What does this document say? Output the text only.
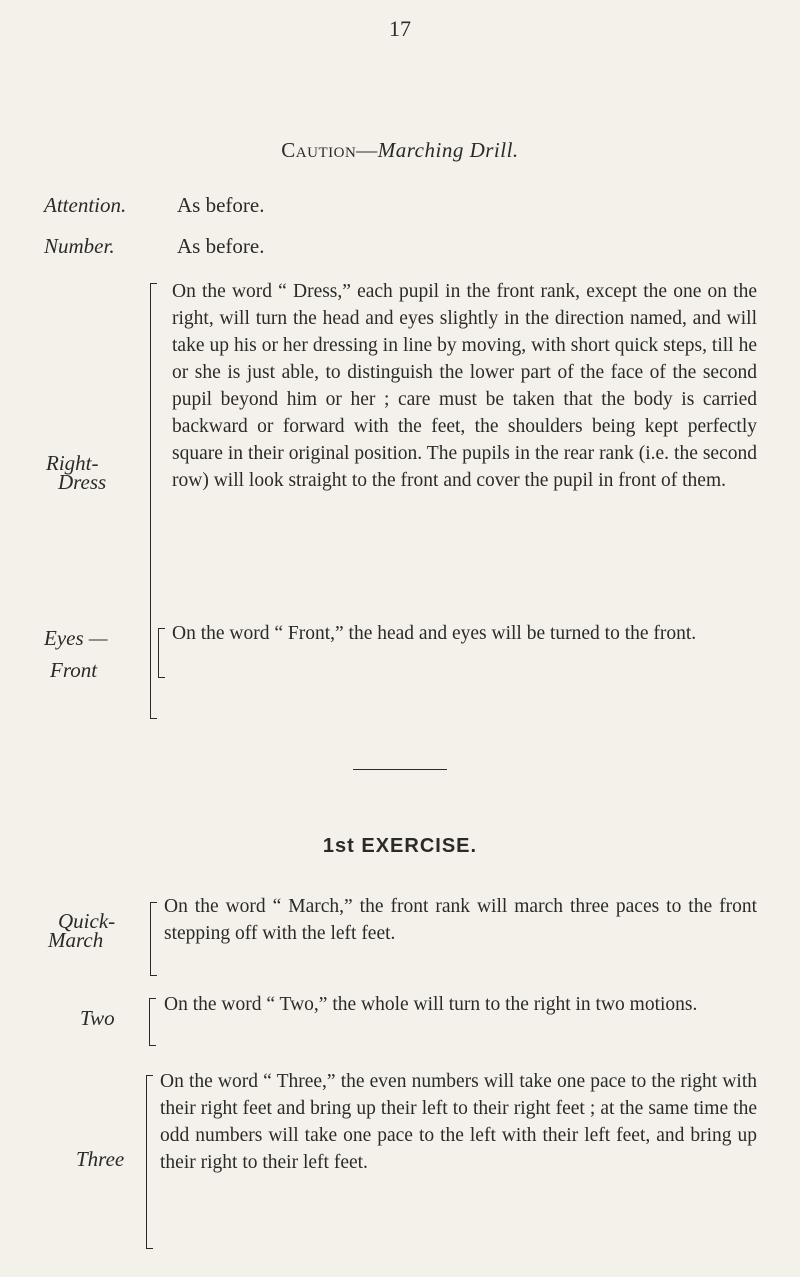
17
Caution—Marching Drill.
Attention. As before.
Number.	As before.
Right-
Dress
On the word “ Dress,” each pupil in the front rank, except the one on the right, will turn the head and eyes slightly in the direction named, and will take up his or her dressing in line by moving, with short quick steps, till he or she is just able, to distinguish the lower part of the face of the second pupil beyond him or her ; care must be taken that the body is carried backward or forward with the feet, the shoulders being kept perfectly square in their original position. The pupils in the rear rank (i.e. the second row) will look straight to the front and cover the pupil in front of them.
Eyes —
Front
On the word “ Front,” the head and eyes will be turned to the front.
1st EXERCISE.
Quick-
March
On the word “ March,” the front rank will march three paces to the front stepping off with the left feet.
Two
On the word “ Two,” the whole will turn to the right in two motions.
Three
On the word “ Three,” the even numbers will take one pace to the right with their right feet and bring up their left to their right feet ; at the same time the odd numbers will take one pace to the left with their left feet, and bring up their right to their left feet.
